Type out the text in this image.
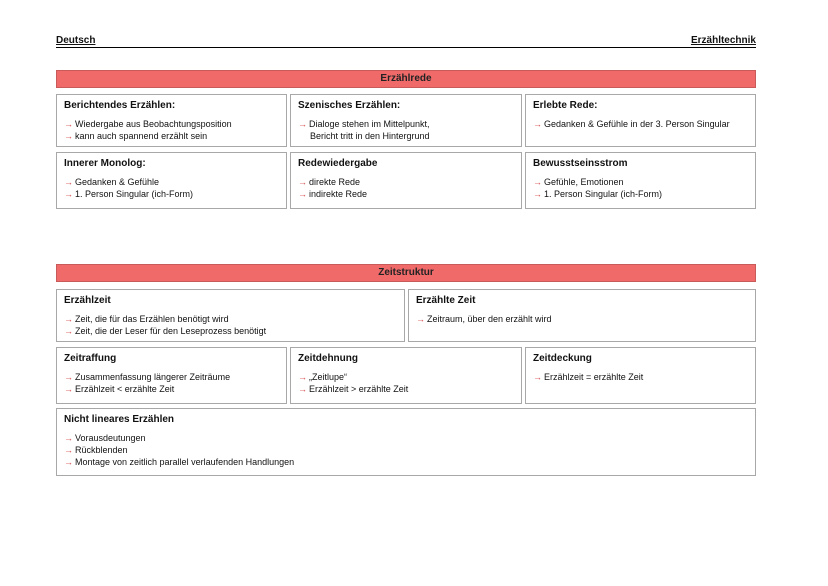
Deutsch	Erzähltechnik
Erzählrede
Berichtendes Erzählen:
→ Wiedergabe aus Beobachtungsposition
→ kann auch spannend erzählt sein
Szenisches Erzählen:
→ Dialoge stehen im Mittelpunkt,
Bericht tritt in den Hintergrund
Erlebte Rede:
→ Gedanken & Gefühle in der 3. Person Singular
Innerer Monolog:
→ Gedanken & Gefühle
→ 1. Person Singular (ich-Form)
Redewiedergabe
→ direkte Rede
→ indirekte Rede
Bewusstseinsstrom
→ Gefühle, Emotionen
→ 1. Person Singular (ich-Form)
Zeitstruktur
Erzählzeit
→ Zeit, die für das Erzählen benötigt wird
→ Zeit, die der Leser für den Leseprozess benötigt
Erzählte Zeit
→ Zeitraum, über den erzählt wird
Zeitraffung
→ Zusammenfassung längerer Zeiträume
→ Erzählzeit < erzählte Zeit
Zeitdehnung
→ „Zeitlupe“
→ Erzählzeit > erzählte Zeit
Zeitdeckung
→ Erzählzeit = erzählte Zeit
Nicht lineares Erzählen
→ Vorausdeutungen
→ Rückblenden
→ Montage von zeitlich parallel verlaufenden Handlungen
